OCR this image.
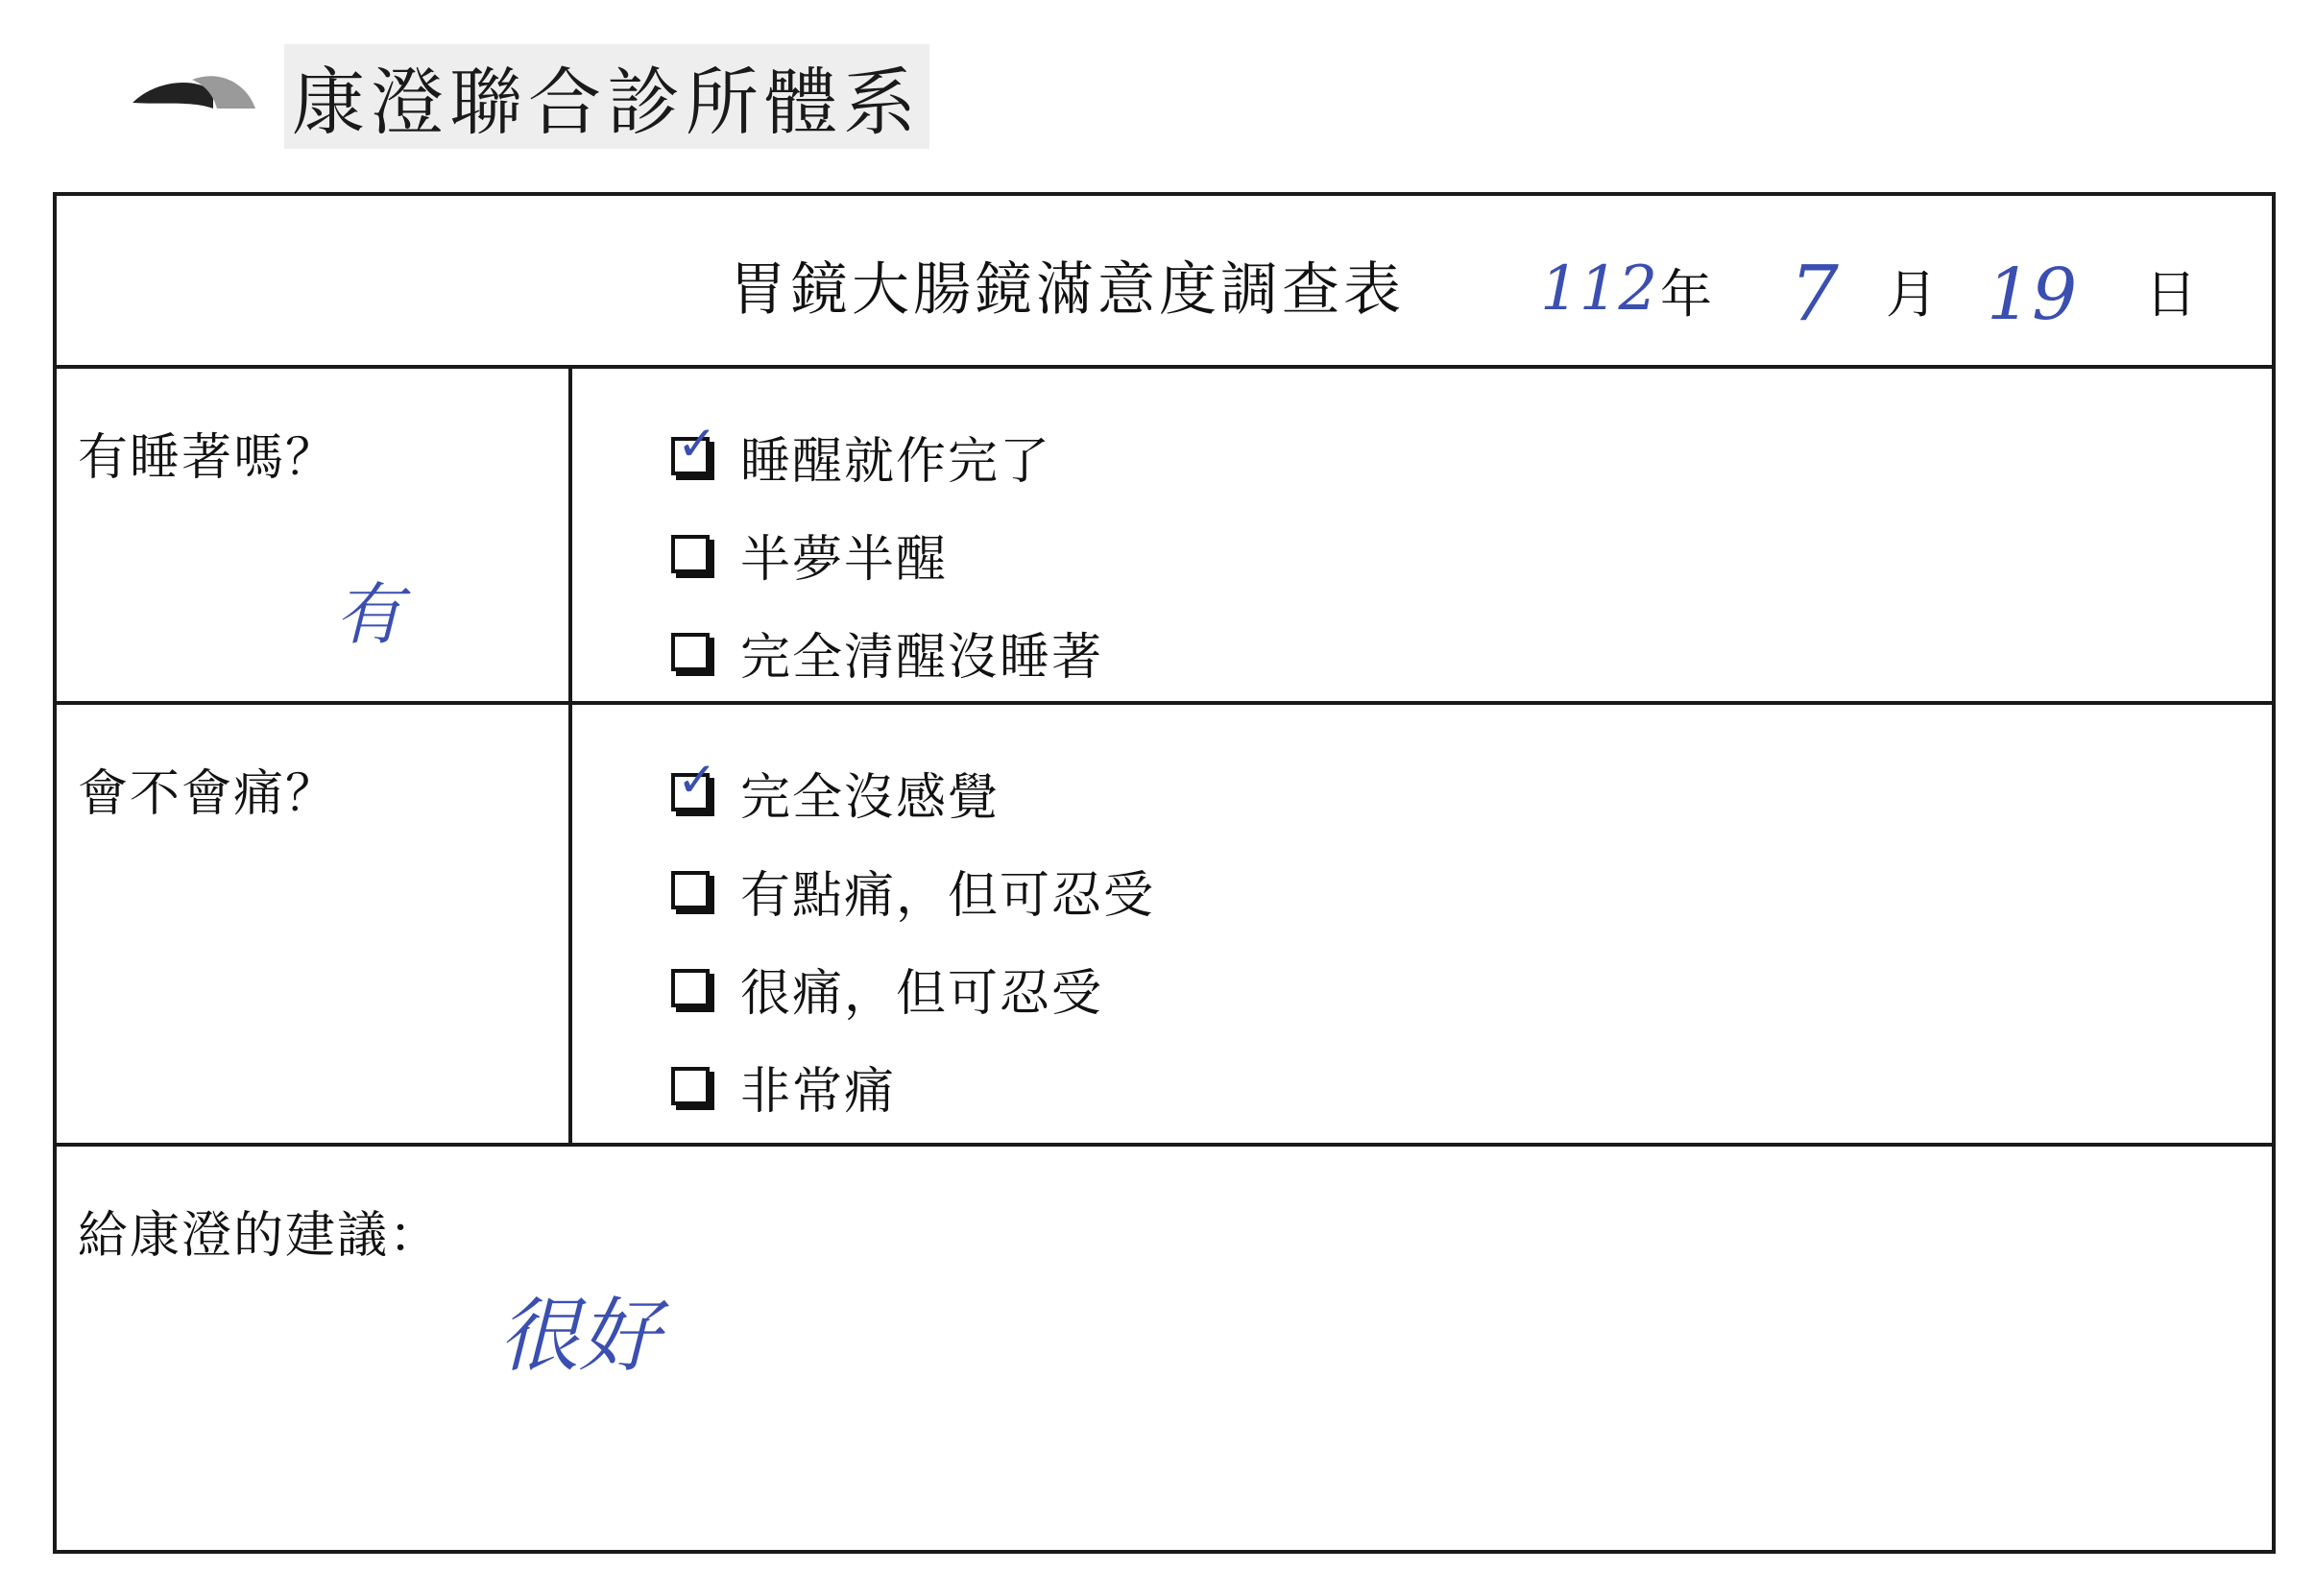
康澄聯合診所體系
胃鏡大腸鏡滿意度調查表 112 年 7 月 19 日
有睡著嗎？
有
✓ 睡醒就作完了
半夢半醒
完全清醒沒睡著
會不會痛？	✓ 完全沒感覺
有點痛，但可忍受
很痛，但可忍受
非常痛
給康澄的建議：
很好
